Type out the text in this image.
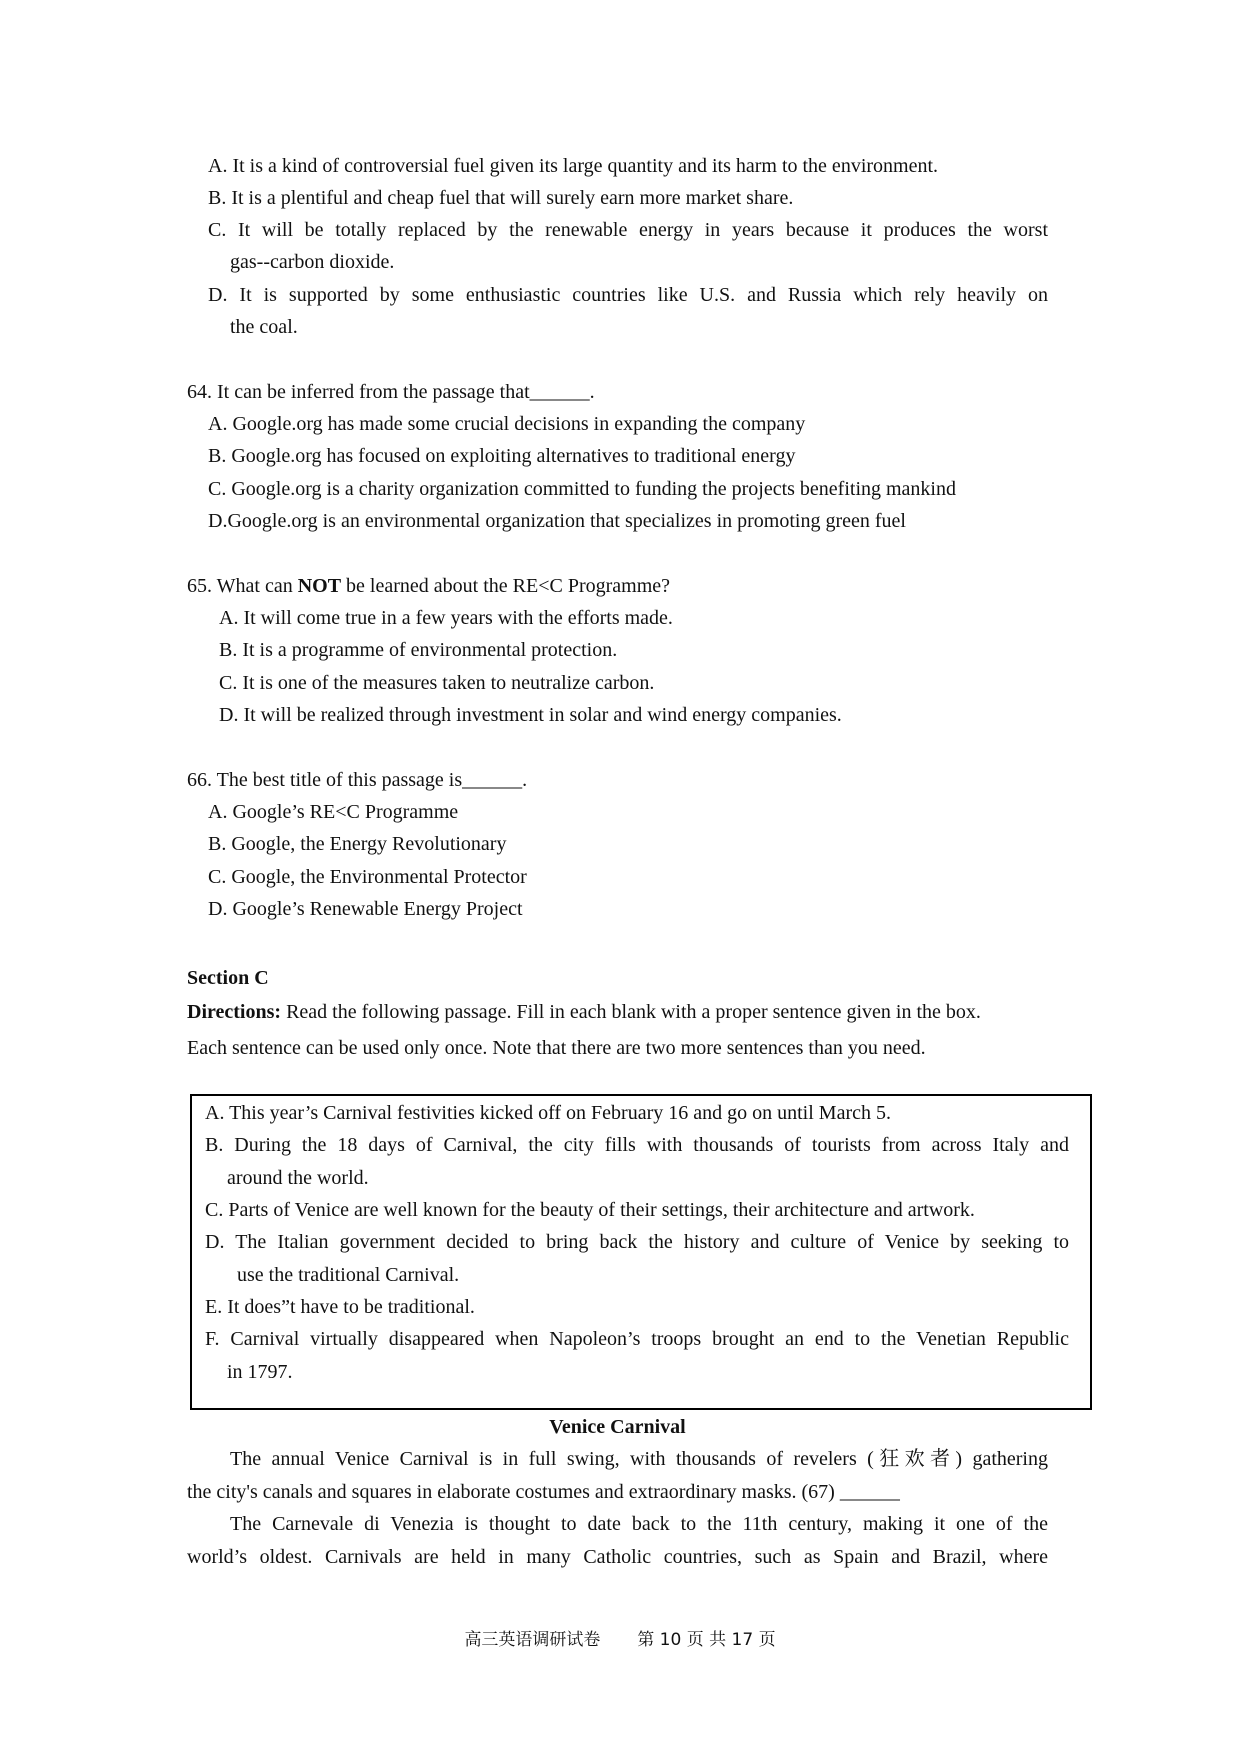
A. It is a kind of controversial fuel given its large quantity and its harm to the environment.
B. It is a plentiful and cheap fuel that will surely earn more market share.
C. It will be totally replaced by the renewable energy in years because it produces the worst
gas--carbon dioxide.
D. It is supported by some enthusiastic countries like U.S. and Russia which rely heavily on
the coal.
64. It can be inferred from the passage that______.
A. Google.org has made some crucial decisions in expanding the company
B. Google.org has focused on exploiting alternatives to traditional energy
C. Google.org is a charity organization committed to funding the projects benefiting mankind
D.Google.org is an environmental organization that specializes in promoting green fuel
65. What can NOT be learned about the RE<C Programme?
A. It will come true in a few years with the efforts made.
B. It is a programme of environmental protection.
C. It is one of the measures taken to neutralize carbon.
D. It will be realized through investment in solar and wind energy companies.
66. The best title of this passage is______.
A. Google’s RE<C Programme
B. Google, the Energy Revolutionary
C. Google, the Environmental Protector
D. Google’s Renewable Energy Project
Section C
Directions: Read the following passage. Fill in each blank with a proper sentence given in the box.
Each sentence can be used only once. Note that there are two more sentences than you need.
A. This year’s Carnival festivities kicked off on February 16 and go on until March 5.
B. During the 18 days of Carnival, the city fills with thousands of tourists from across Italy and
around the world.
C. Parts of Venice are well known for the beauty of their settings, their architecture and artwork.
D. The Italian government decided to bring back the history and culture of Venice by seeking to
use the traditional Carnival.
E. It does”t have to be traditional.
F. Carnival virtually disappeared when Napoleon’s troops brought an end to the Venetian Republic
in 1797.
Venice Carnival
The annual Venice Carnival is in full swing, with thousands of revelers (狂欢者) gathering
the city's canals and squares in elaborate costumes and extraordinary masks. (67) ______
The Carnevale di Venezia is thought to date back to the 11th century, making it one of the
world’s oldest. Carnivals are held in many Catholic countries, such as Spain and Brazil, where
高三英语调研试卷 第 10 页 共 17 页
